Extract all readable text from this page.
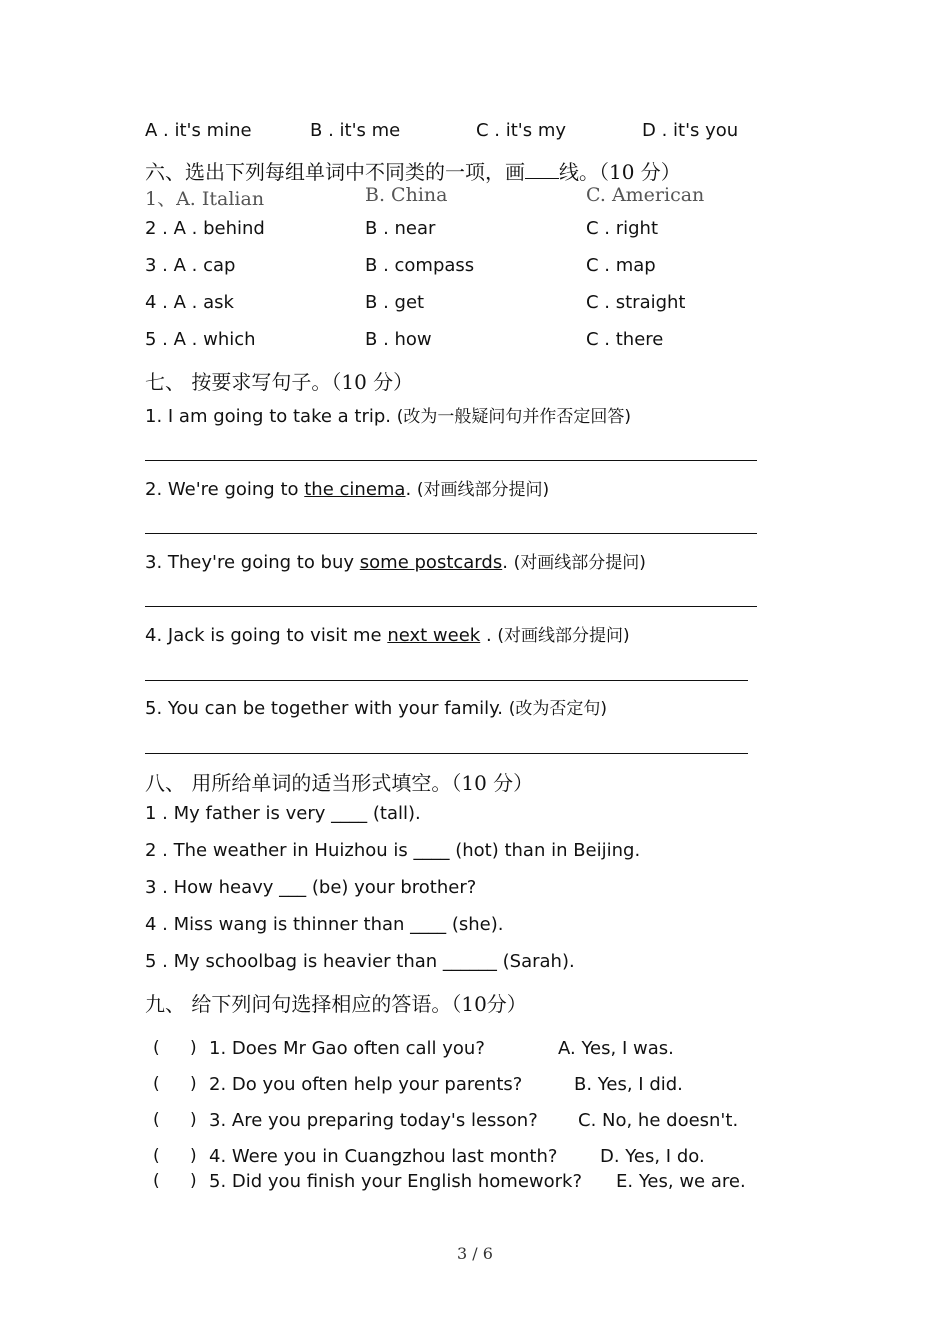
A . it's mine	B . it's me	C . it's my	D . it's you
六、选出下列每组单词中不同类的一项，画 线。（10 分）
1、A. Italian	B. China	C. American
2 . A . behind	B . near	C . right
3 . A . cap	B . compass	C . map
4 . A . ask	B . get	C . straight
5 . A . which	B . how	C . there
七、 按要求写句子。（10 分）
1. I am going to take a trip. (改为一般疑问句并作否定回答)
2. We're going to the cinema. (对画线部分提问)
3. They're going to buy some postcards. (对画线部分提问)
4. Jack is going to visit me next week . (对画线部分提问)
5. You can be together with your family. (改为否定句)
八、 用所给单词的适当形式填空。（10 分）
1 . My father is very ____ (tall).
2 . The weather in Huizhou is ____ (hot) than in Beijing.
3 . How heavy ___ (be) your brother?
4 . Miss wang is thinner than ____ (she).
5 . My schoolbag is heavier than ______ (Sarah).
九、 给下列问句选择相应的答语。（10分）
( ) 1. Does Mr Gao often call you?	A. Yes, I was.
( ) 2. Do you often help your parents?	B. Yes, I did.
( ) 3. Are you preparing today's lesson? C. No, he doesn't.
( ) 4. Were you in Cuangzhou last month? D. Yes, I do.
( ) 5. Did you finish your English homework? E. Yes, we are.
3 / 6
